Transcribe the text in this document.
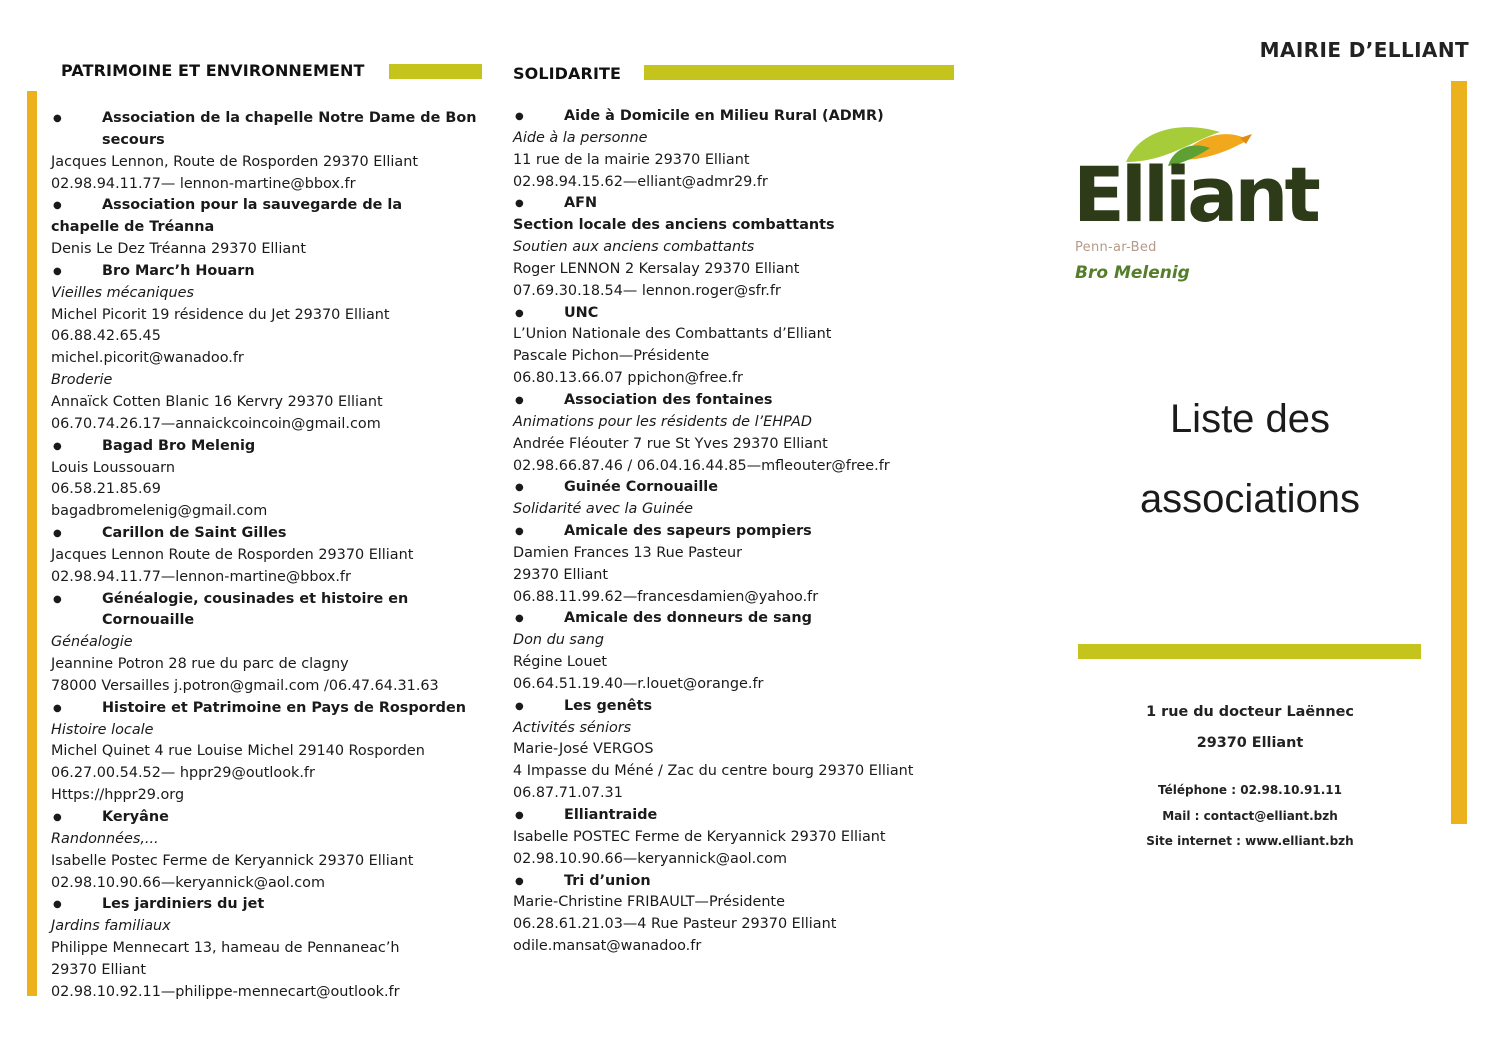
PATRIMOINE ET ENVIRONNEMENT
●	Association de la chapelle Notre Dame de Bon
secours
Jacques Lennon, Route de Rosporden 29370 Elliant
02.98.94.11.77— lennon-martine@bbox.fr
●	Association pour la sauvegarde de la
chapelle de Tréanna
Denis Le Dez Tréanna 29370 Elliant
●	Bro Marc’h Houarn
Vieilles mécaniques
Michel Picorit 19 résidence du Jet 29370 Elliant
06.88.42.65.45
michel.picorit@wanadoo.fr
Broderie
Annaïck Cotten Blanic 16 Kervry 29370 Elliant
06.70.74.26.17—annaickcoincoin@gmail.com
●	Bagad Bro Melenig
Louis Loussouarn
06.58.21.85.69
bagadbromelenig@gmail.com
●	Carillon de Saint Gilles
Jacques Lennon Route de Rosporden 29370 Elliant
02.98.94.11.77—lennon-martine@bbox.fr
●	Généalogie, cousinades et histoire en
Cornouaille
Généalogie
Jeannine Potron 28 rue du parc de clagny
78000 Versailles j.potron@gmail.com /06.47.64.31.63
●	Histoire et Patrimoine en Pays de Rosporden
Histoire locale
Michel Quinet 4 rue Louise Michel 29140 Rosporden
06.27.00.54.52— hppr29@outlook.fr
Https://hppr29.org
●	Keryâne
Randonnées,...
Isabelle Postec Ferme de Keryannick 29370 Elliant
02.98.10.90.66—keryannick@aol.com
●	Les jardiniers du jet
Jardins familiaux
Philippe Mennecart 13, hameau de Pennaneac’h
29370 Elliant
02.98.10.92.11—philippe-mennecart@outlook.fr
SOLIDARITE
●	Aide à Domicile en Milieu Rural (ADMR)
Aide à la personne
11 rue de la mairie 29370 Elliant
02.98.94.15.62—elliant@admr29.fr
●	AFN
Section locale des anciens combattants
Soutien aux anciens combattants
Roger LENNON 2 Kersalay 29370 Elliant
07.69.30.18.54— lennon.roger@sfr.fr
●	UNC
L’Union Nationale des Combattants d’Elliant
Pascale Pichon—Présidente
06.80.13.66.07 ppichon@free.fr
●	Association des fontaines
Animations pour les résidents de l’EHPAD
Andrée Fléouter 7 rue St Yves 29370 Elliant
02.98.66.87.46 / 06.04.16.44.85—mfleouter@free.fr
●	Guinée Cornouaille
Solidarité avec la Guinée
●	Amicale des sapeurs pompiers
Damien Frances 13 Rue Pasteur
29370 Elliant
06.88.11.99.62—francesdamien@yahoo.fr
●	Amicale des donneurs de sang
Don du sang
Régine Louet
06.64.51.19.40—r.louet@orange.fr
●	Les genêts
Activités séniors
Marie-José VERGOS
4 Impasse du Méné / Zac du centre bourg 29370 Elliant
06.87.71.07.31
●	Elliantraide
Isabelle POSTEC Ferme de Keryannick 29370 Elliant
02.98.10.90.66—keryannick@aol.com
●	Tri d’union
Marie-Christine FRIBAULT—Présidente
06.28.61.21.03—4 Rue Pasteur 29370 Elliant
odile.mansat@wanadoo.fr
MAIRIE D’ELLIANT
Elliant
Penn-ar-Bed
Bro Melenig
Liste des
associations
1 rue du docteur Laënnec
29370 Elliant
Téléphone : 02.98.10.91.11
Mail : contact@elliant.bzh
Site internet : www.elliant.bzh
